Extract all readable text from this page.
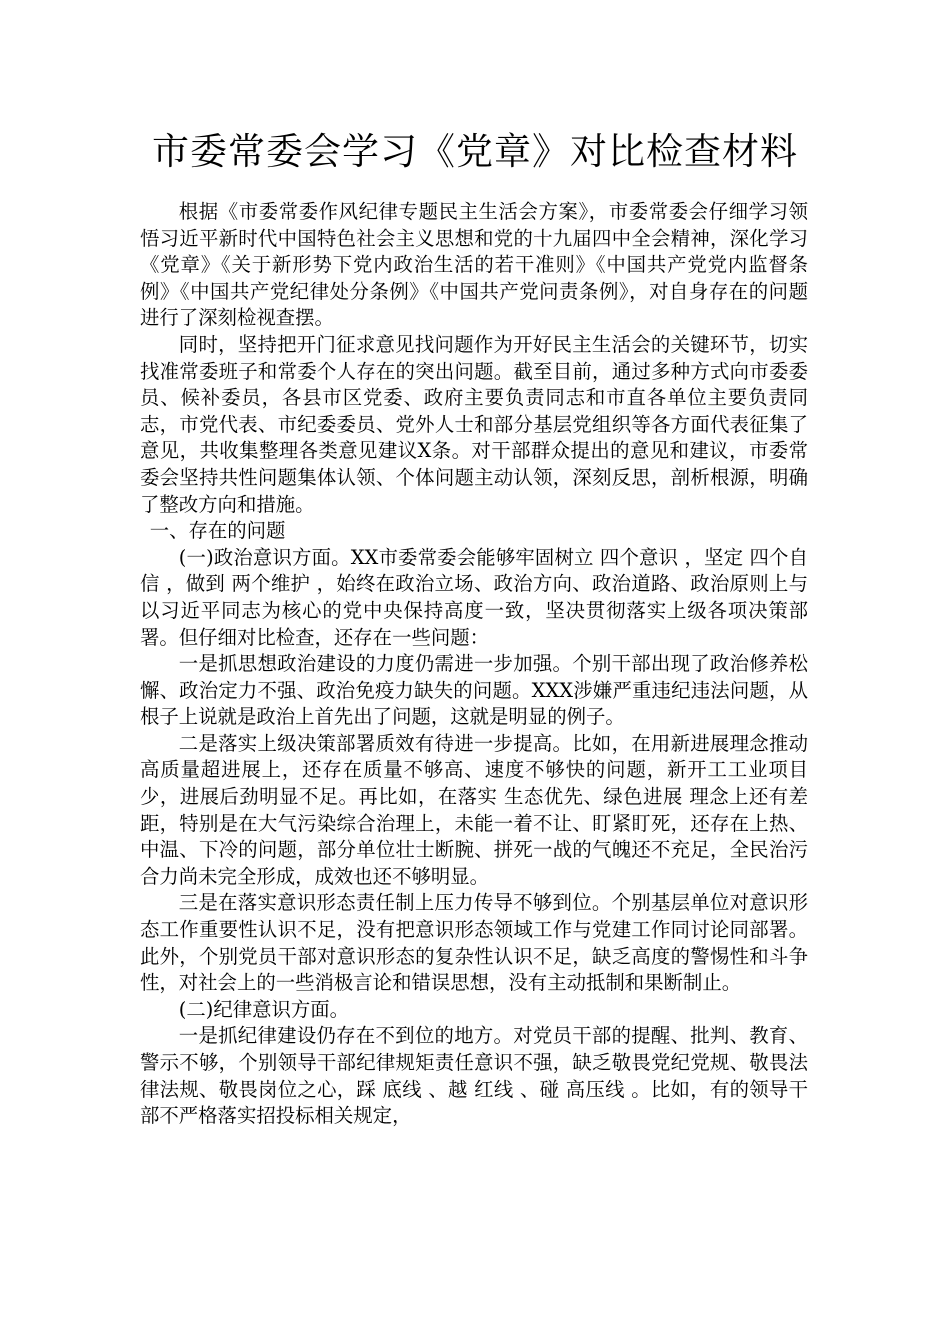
市委常委会学习《党章》对比检查材料

根据《市委常委作风纪律专题民主生活会方案》，市委常委会仔细学习领悟习近平新时代中国特色社会主义思想和党的十九届四中全会精神，深化学习《党章》《关于新形势下党内政治生活的若干准则》《中国共产党党内监督条例》《中国共产党纪律处分条例》《中国共产党问责条例》，对自身存在的问题进行了深刻检视查摆。

同时，坚持把开门征求意见找问题作为开好民主生活会的关键环节，切实找准常委班子和常委个人存在的突出问题。截至目前，通过多种方式向市委委员、候补委员，各县市区党委、政府主要负责同志和市直各单位主要负责同志，市党代表、市纪委委员、党外人士和部分基层党组织等各方面代表征集了意见，共收集整理各类意见建议X条。对干部群众提出的意见和建议，市委常委会坚持共性问题集体认领、个体问题主动认领，深刻反思，剖析根源，明确了整改方向和措施。

一、存在的问题

(一)政治意识方面。XX市委常委会能够牢固树立 四个意识 ，坚定 四个自信 ，做到 两个维护 ，始终在政治立场、政治方向、政治道路、政治原则上与以习近平同志为核心的党中央保持高度一致，坚决贯彻落实上级各项决策部署。但仔细对比检查，还存在一些问题：

一是抓思想政治建设的力度仍需进一步加强。个别干部出现了政治修养松懈、政治定力不强、政治免疫力缺失的问题。XXX涉嫌严重违纪违法问题，从根子上说就是政治上首先出了问题，这就是明显的例子。

二是落实上级决策部署质效有待进一步提高。比如，在用新进展理念推动高质量超进展上，还存在质量不够高、速度不够快的问题，新开工工业项目少，进展后劲明显不足。再比如，在落实 生态优先、绿色进展 理念上还有差距，特别是在大气污染综合治理上，未能一着不让、盯紧盯死，还存在上热、中温、下冷的问题，部分单位壮士断腕、拼死一战的气魄还不充足，全民治污合力尚未完全形成，成效也还不够明显。

三是在落实意识形态责任制上压力传导不够到位。个别基层单位对意识形态工作重要性认识不足，没有把意识形态领域工作与党建工作同讨论同部署。此外，个别党员干部对意识形态的复杂性认识不足，缺乏高度的警惕性和斗争性，对社会上的一些消极言论和错误思想，没有主动抵制和果断制止。

(二)纪律意识方面。

一是抓纪律建设仍存在不到位的地方。对党员干部的提醒、批判、教育、警示不够，个别领导干部纪律规矩责任意识不强，缺乏敬畏党纪党规、敬畏法律法规、敬畏岗位之心，踩 底线 、越 红线 、碰 高压线 。比如，有的领导干部不严格落实招投标相关规定，
